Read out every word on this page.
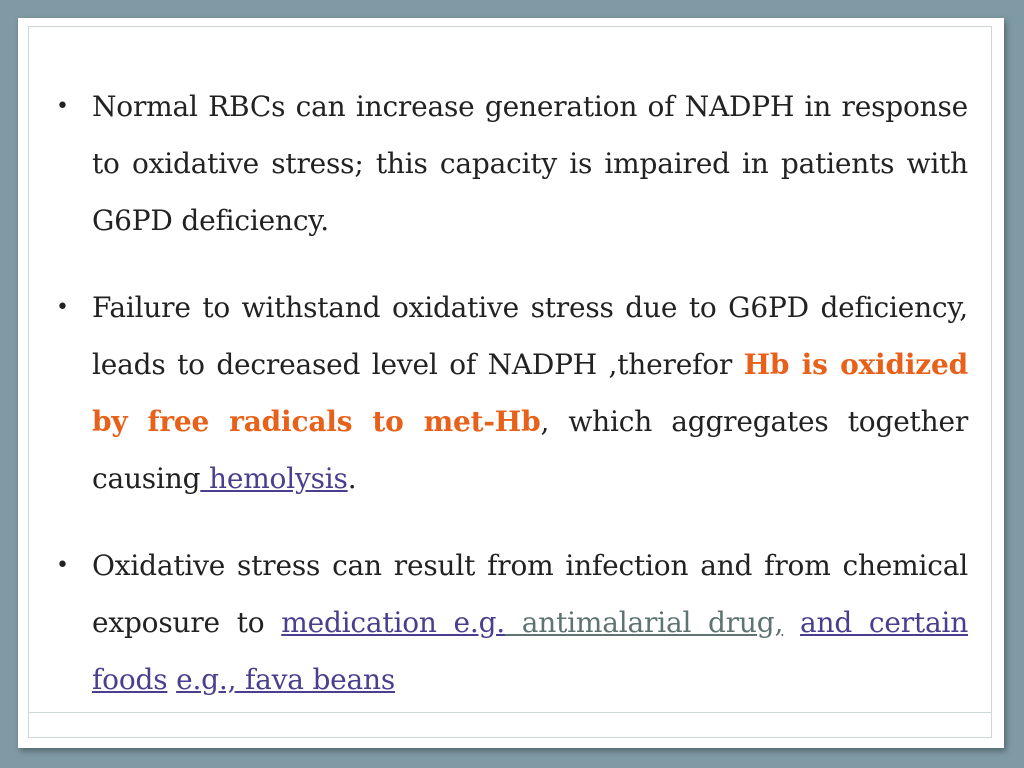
• Normal RBCs can increase generation of NADPH in response to oxidative stress; this capacity is impaired in patients with G6PD deficiency.
• Failure to withstand oxidative stress due to G6PD deficiency, leads to decreased level of NADPH ,therefor Hb is oxidized by free radicals to met-Hb, which aggregates together causing hemolysis.
• Oxidative stress can result from infection and from chemical exposure to medication e.g. antimalarial drug, and certain foods e.g., fava beans
